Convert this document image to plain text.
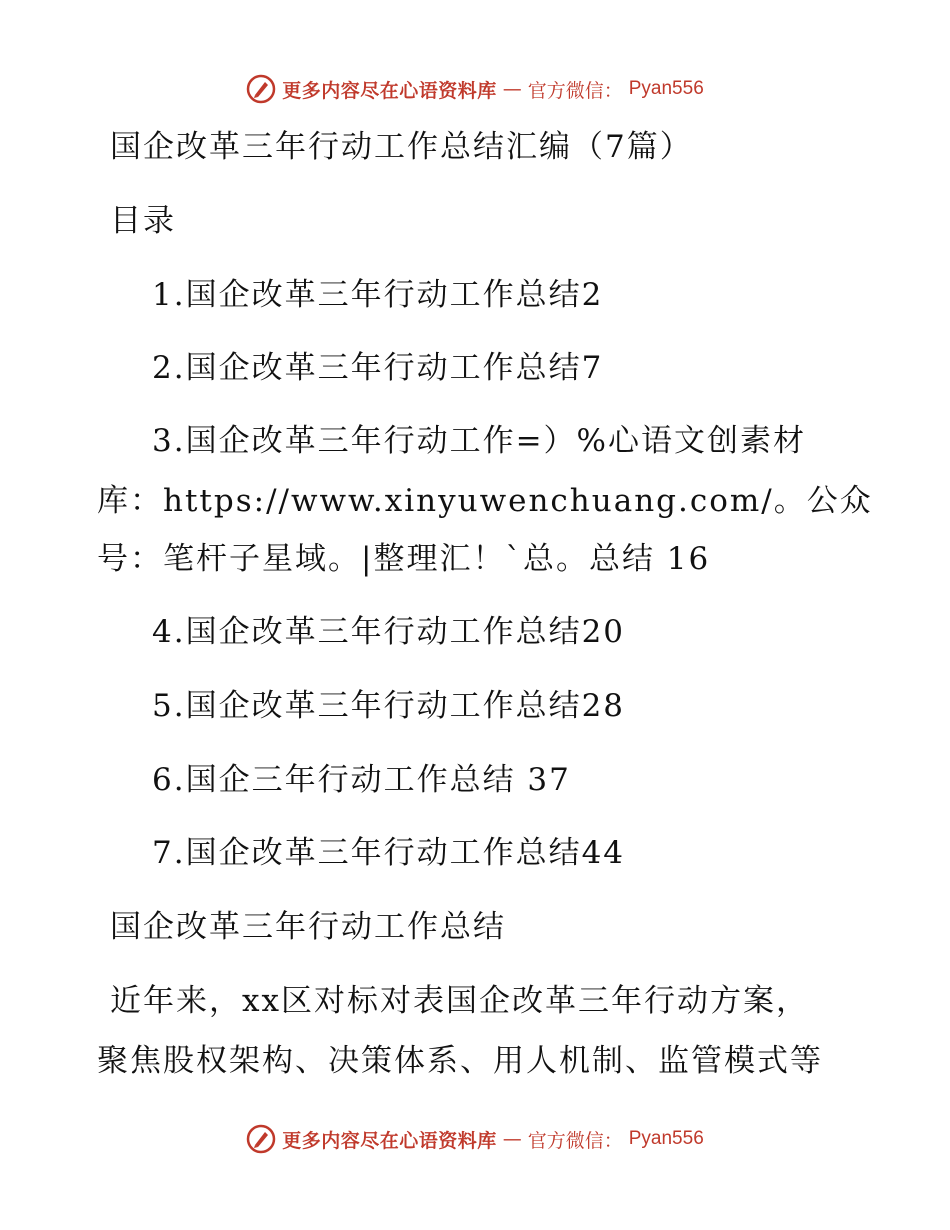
更多内容尽在心语资料库 — 官方微信： Pyan556
国企改革三年行动工作总结汇编（7篇）
目录
1.国企改革三年行动工作总结2
2.国企改革三年行动工作总结7
3.国企改革三年行动工作=）%心语文创素材
库：https://www.xinyuwenchuang.com/。公众
号：笔杆子星域。|整理汇！`总。总结 16
4.国企改革三年行动工作总结20
5.国企改革三年行动工作总结28
6.国企三年行动工作总结 37
7.国企改革三年行动工作总结44
国企改革三年行动工作总结
近年来，xx区对标对表国企改革三年行动方案，
聚焦股权架构、决策体系、用人机制、监管模式等
更多内容尽在心语资料库 — 官方微信： Pyan556
